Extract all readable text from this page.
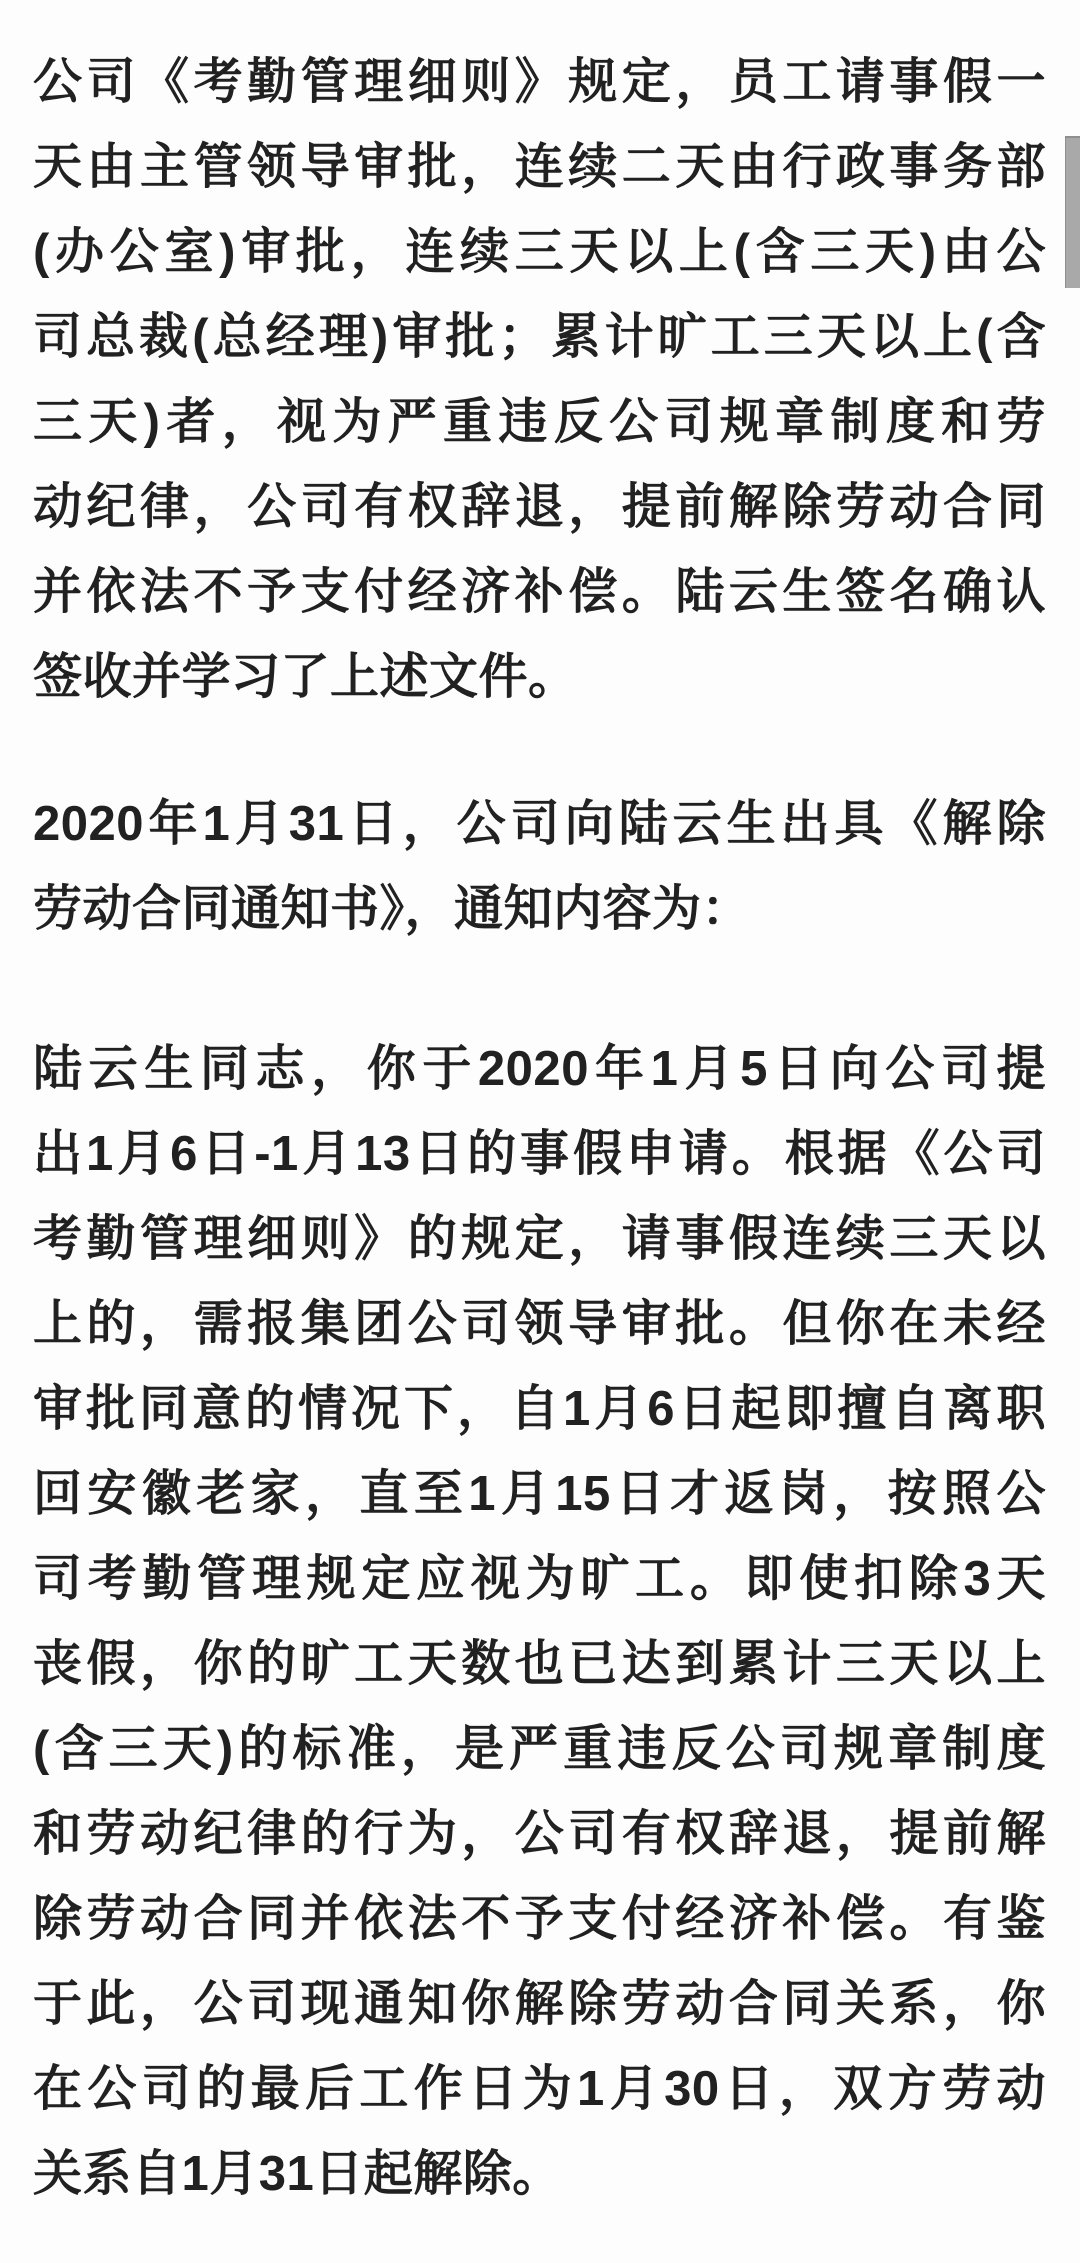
公司《考勤管理细则》规定，员工请事假一
天由主管领导审批，连续二天由行政事务部
(办公室)审批，连续三天以上(含三天)由公
司总裁(总经理)审批；累计旷工三天以上(含
三天)者，视为严重违反公司规章制度和劳
动纪律，公司有权辞退，提前解除劳动合同
并依法不予支付经济补偿。陆云生签名确认
签收并学习了上述文件。
2020年1月31日，公司向陆云生出具《解除
劳动合同通知书》，通知内容为：
陆云生同志，你于2020年1月5日向公司提
出1月6日-1月13日的事假申请。根据《公司
考勤管理细则》的规定，请事假连续三天以
上的，需报集团公司领导审批。但你在未经
审批同意的情况下，自1月6日起即擅自离职
回安徽老家，直至1月15日才返岗，按照公
司考勤管理规定应视为旷工。即使扣除3天
丧假，你的旷工天数也已达到累计三天以上
(含三天)的标准，是严重违反公司规章制度
和劳动纪律的行为，公司有权辞退，提前解
除劳动合同并依法不予支付经济补偿。有鉴
于此，公司现通知你解除劳动合同关系，你
在公司的最后工作日为1月30日，双方劳动
关系自1月31日起解除。
